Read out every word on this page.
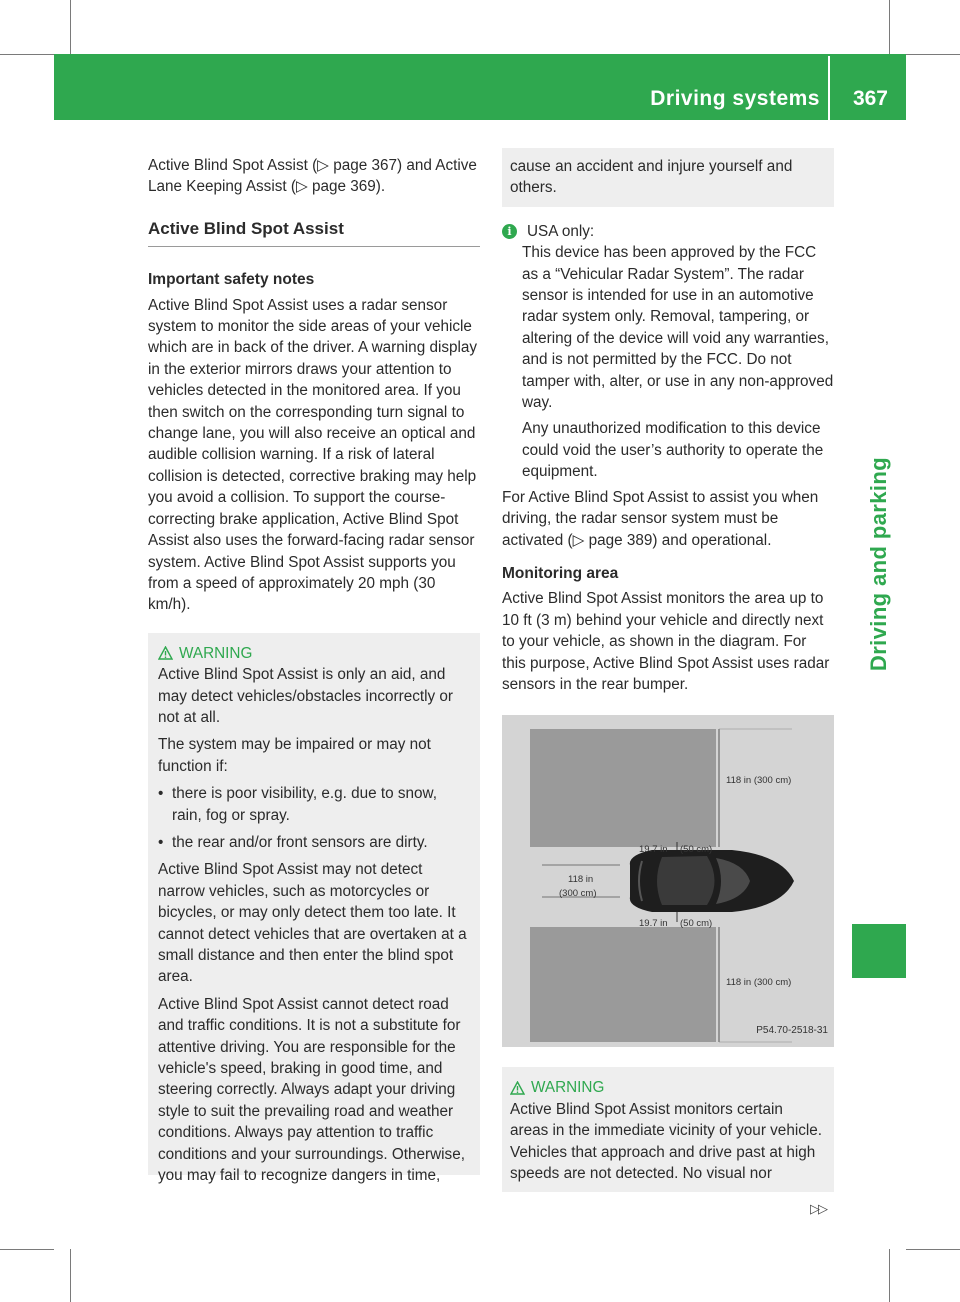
Driving systems 367
Driving and parking

Active Blind Spot Assist (▷ page 367) and Active Lane Keeping Assist (▷ page 369).

Active Blind Spot Assist
Important safety notes

Active Blind Spot Assist uses a radar sensor system to monitor the side areas of your vehicle which are in back of the driver. A warning display in the exterior mirrors draws your attention to vehicles detected in the monitored area. If you then switch on the corresponding turn signal to change lane, you will also receive an optical and audible collision warning. If a risk of lateral collision is detected, corrective braking may help you avoid a collision. To support the course-correcting brake application, Active Blind Spot Assist also uses the forward-facing radar sensor system. Active Blind Spot Assist supports you from a speed of approximately 20 mph (30 km/h).

WARNING

Active Blind Spot Assist is only an aid, and may detect vehicles/obstacles incorrectly or not at all.

The system may be impaired or may not function if:

• there is poor visibility, e.g. due to snow, rain, fog or spray.
• the rear and/or front sensors are dirty.

Active Blind Spot Assist may not detect narrow vehicles, such as motorcycles or bicycles, or may only detect them too late. It cannot detect vehicles that are overtaken at a small distance and then enter the blind spot area.

Active Blind Spot Assist cannot detect road and traffic conditions. It is not a substitute for attentive driving. You are responsible for the vehicle's speed, braking in good time, and steering correctly. Always adapt your driving style to suit the prevailing road and weather conditions. Always pay attention to traffic conditions and your surroundings. Otherwise, you may fail to recognize dangers in time,

cause an accident and injure yourself and others.

i	USA only:

This device has been approved by the FCC as a “Vehicular Radar System”. The radar sensor is intended for use in an automotive radar system only. Removal, tampering, or altering of the device will void any warranties, and is not permitted by the FCC. Do not tamper with, alter, or use in any non-approved way.

Any unauthorized modification to this device could void the user’s authority to operate the equipment.

For Active Blind Spot Assist to assist you when driving, the radar sensor system must be activated (▷ page 389) and operational.

Monitoring area

Active Blind Spot Assist monitors the area up to 10 ft (3 m) behind your vehicle and directly next to your vehicle, as shown in the diagram. For this purpose, Active Blind Spot Assist uses radar sensors in the rear bumper.

118 in (300 cm)
19.7 in (50 cm)
118 in
(300 cm)
19.7 in (50 cm)
118 in (300 cm)
P54.70-2518-31
WARNING

Active Blind Spot Assist monitors certain areas in the immediate vicinity of your vehicle. Vehicles that approach and drive past at high speeds are not detected. No visual nor

▷▷
